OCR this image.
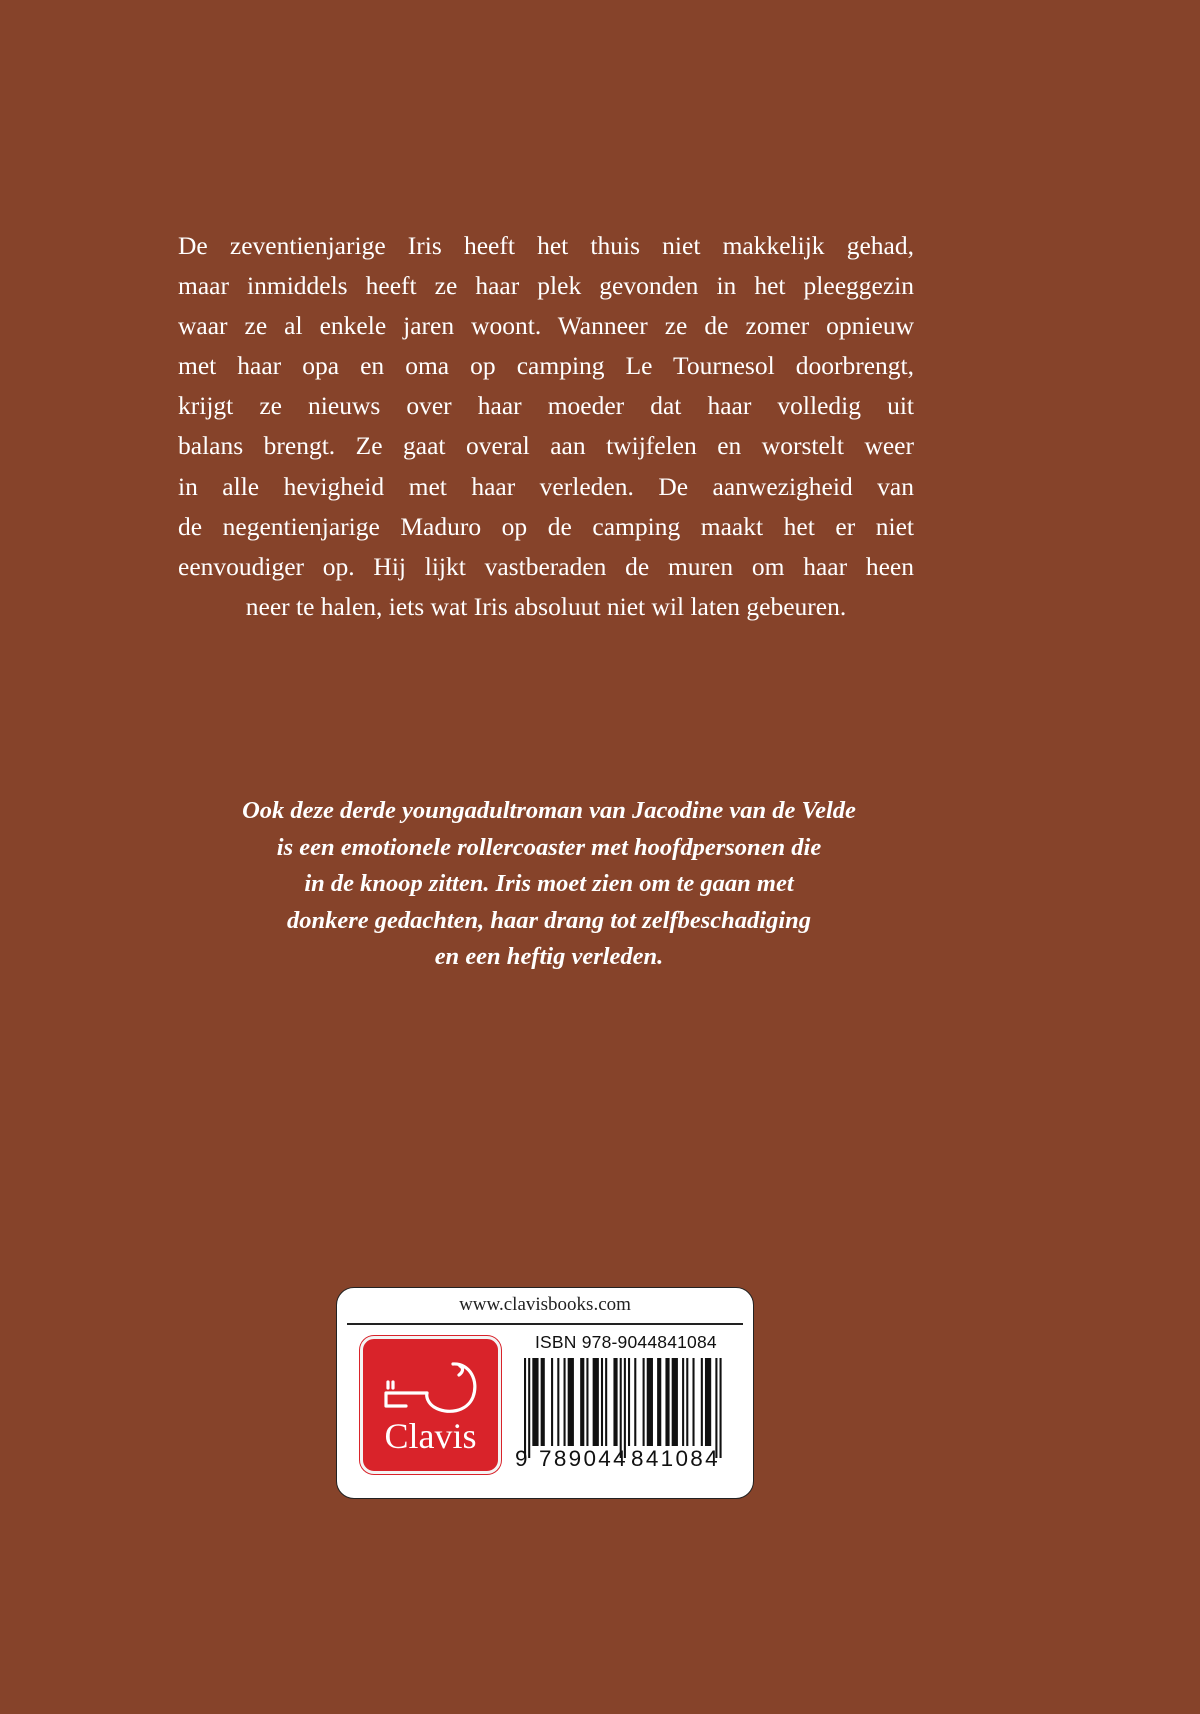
De zeventienjarige Iris heeft het thuis niet makkelijk gehad,
maar inmiddels heeft ze haar plek gevonden in het pleeggezin
waar ze al enkele jaren woont. Wanneer ze de zomer opnieuw
met haar opa en oma op camping Le Tournesol doorbrengt,
krijgt ze nieuws over haar moeder dat haar volledig uit
balans brengt. Ze gaat overal aan twijfelen en worstelt weer
in alle hevigheid met haar verleden. De aanwezigheid van
de negentienjarige Maduro op de camping maakt het er niet
eenvoudiger op. Hij lijkt vastberaden de muren om haar heen
neer te halen, iets wat Iris absoluut niet wil laten gebeuren.
Ook deze derde youngadultroman van Jacodine van de Velde
is een emotionele rollercoaster met hoofdpersonen die
in de knoop zitten. Iris moet zien om te gaan met
donkere gedachten, haar drang tot zelfbeschadiging
en een heftig verleden.
www.clavisbooks.com
Clavis
ISBN 978-9044841084
9 789044 841084
